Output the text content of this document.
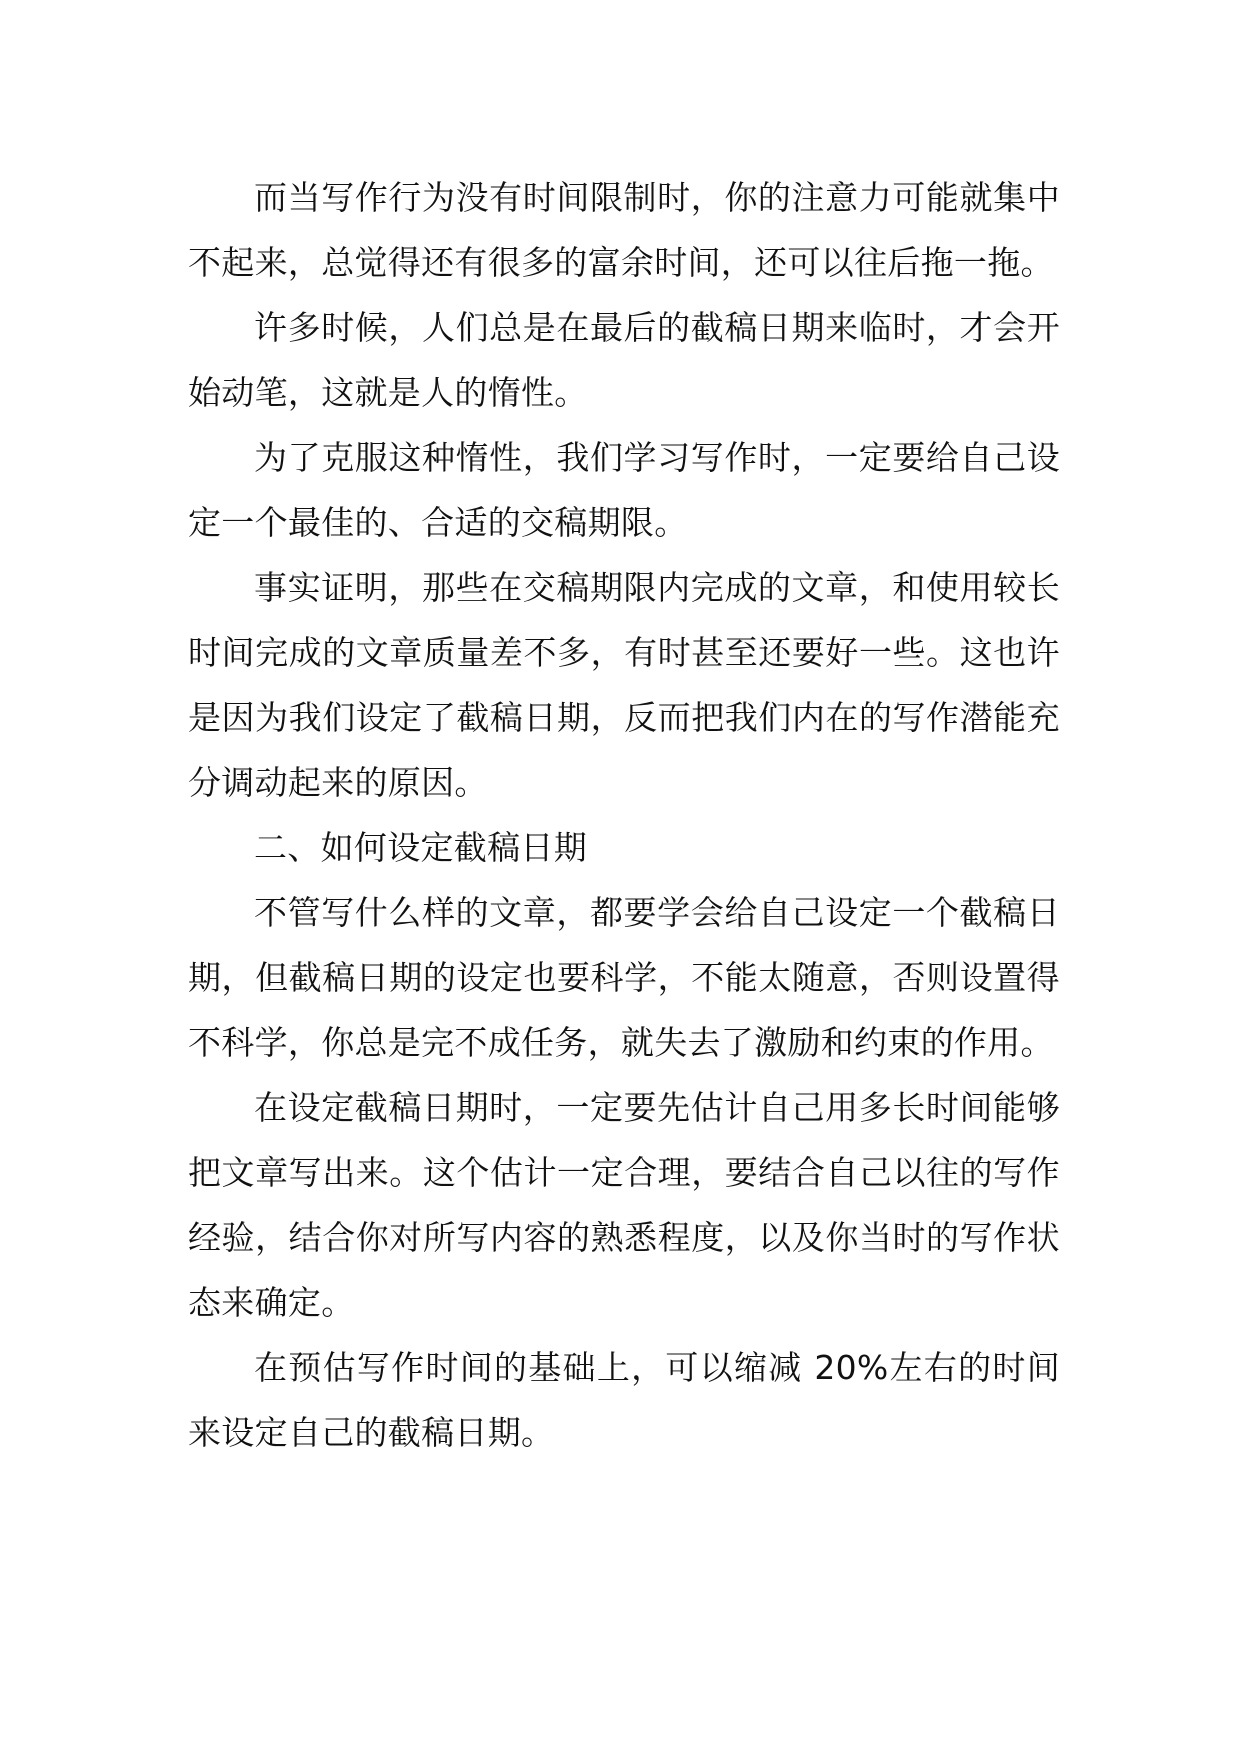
而当写作行为没有时间限制时，你的注意力可能就集中不起来，总觉得还有很多的富余时间，还可以往后拖一拖。

许多时候，人们总是在最后的截稿日期来临时，才会开始动笔，这就是人的惰性。

为了克服这种惰性，我们学习写作时，一定要给自己设定一个最佳的、合适的交稿期限。

事实证明，那些在交稿期限内完成的文章，和使用较长时间完成的文章质量差不多，有时甚至还要好一些。这也许是因为我们设定了截稿日期，反而把我们内在的写作潜能充分调动起来的原因。

二、如何设定截稿日期

不管写什么样的文章，都要学会给自己设定一个截稿日期，但截稿日期的设定也要科学，不能太随意，否则设置得不科学，你总是完不成任务，就失去了激励和约束的作用。

在设定截稿日期时，一定要先估计自己用多长时间能够把文章写出来。这个估计一定合理，要结合自己以往的写作经验，结合你对所写内容的熟悉程度，以及你当时的写作状态来确定。

在预估写作时间的基础上，可以缩减 20%左右的时间来设定自己的截稿日期。
